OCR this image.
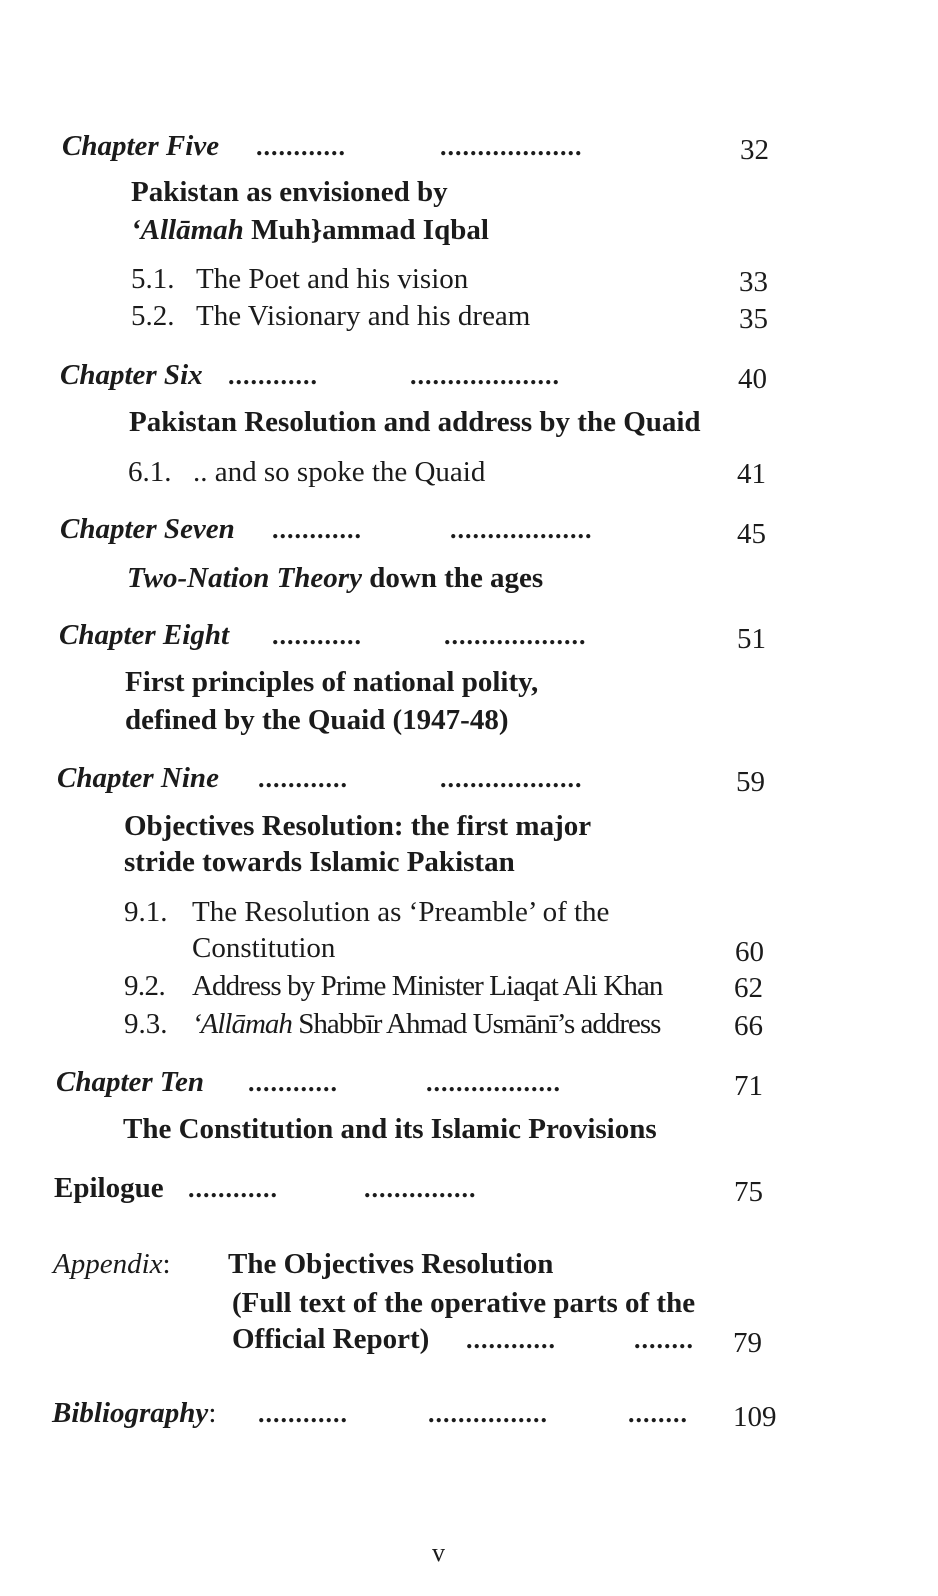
Chapter Five ............	...................	32
Pakistan as envisioned by
‘Allāmah Muh}ammad Iqbal
5.1. The Poet and his vision	33
5.2. The Visionary and his dream	35
Chapter Six ............	....................	40
Pakistan Resolution and address by the Quaid
6.1. .. and so spoke the Quaid	41
Chapter Seven ............	...................	45
Two-Nation Theory down the ages
Chapter Eight ............	...................	51
First principles of national polity,
defined by the Quaid (1947-48)
Chapter Nine ............	...................	59
Objectives Resolution: the first major
stride towards Islamic Pakistan
9.1. The Resolution as ‘Preamble’ of the
Constitution	60
9.2. Address by Prime Minister Liaqat Ali Khan 62
9.3. ‘Allāmah Shabbīr Ahmad Usmānī’s address	66
Chapter Ten ............	..................	71
The Constitution and its Islamic Provisions
Epilogue ............	...............	75
Appendix: The Objectives Resolution
(Full text of the operative parts of the
Official Report) ............	........ 79
Bibliography: ............	................	........ 109
v
